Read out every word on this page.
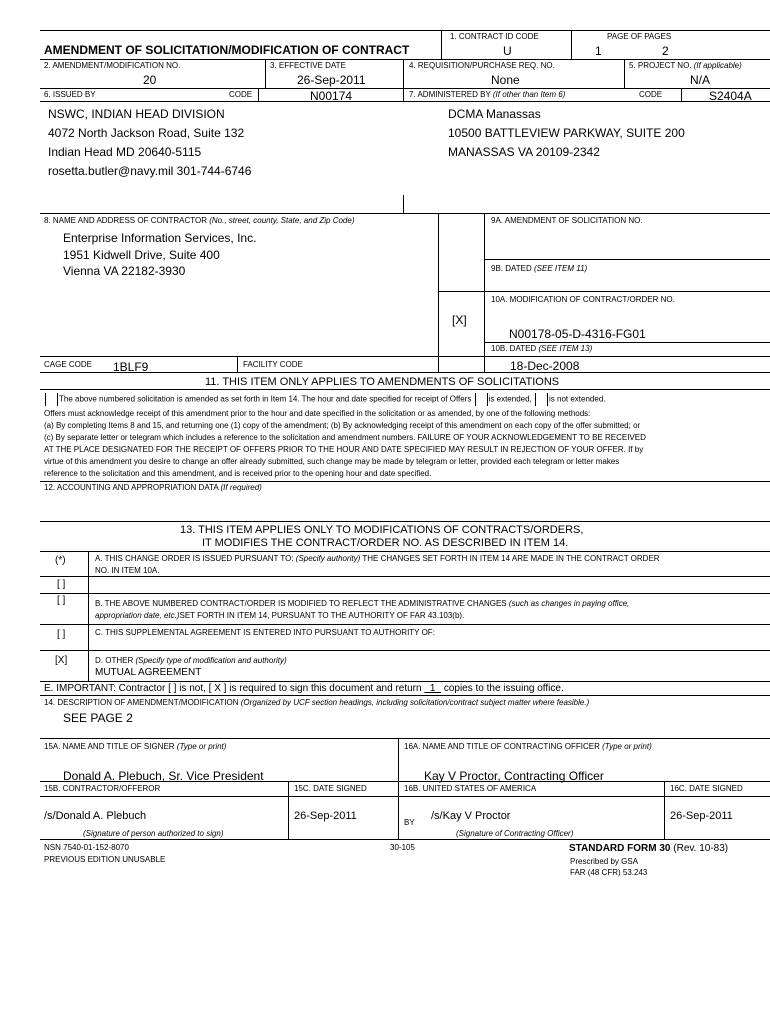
1. CONTRACT ID CODE
U
PAGE OF PAGES
1	2
AMENDMENT OF SOLICITATION/MODIFICATION OF CONTRACT
2. AMENDMENT/MODIFICATION NO.
20
3. EFFECTIVE DATE
26-Sep-2011
4. REQUISITION/PURCHASE REQ. NO.
None
5. PROJECT NO. (If applicable)
N/A
6. ISSUED BY	CODE	N00174	7. ADMINISTERED BY (If other than Item 6)	CODE	S2404A
NSWC, INDIAN HEAD DIVISION
4072 North Jackson Road, Suite 132
Indian Head MD 20640-5115
rosetta.butler@navy.mil 301-744-6746
DCMA Manassas
10500 BATTLEVIEW PARKWAY, SUITE 200
MANASSAS VA 20109-2342
8. NAME AND ADDRESS OF CONTRACTOR (No., street, county, State, and Zip Code)
Enterprise Information Services, Inc.
1951 Kidwell Drive, Suite 400
Vienna VA 22182-3930
CAGE CODE 1BLF9	FACILITY CODE
9A. AMENDMENT OF SOLICITATION NO.
9B. DATED (SEE ITEM 11)
10A. MODIFICATION OF CONTRACT/ORDER NO.
[X]
N00178-05-D-4316-FG01
10B. DATED (SEE ITEM 13)
18-Dec-2008
11. THIS ITEM ONLY APPLIES TO AMENDMENTS OF SOLICITATIONS
The above numbered solicitation is amended as set forth in Item 14. The hour and date specified for receipt of Offers is extended, is not extended.
Offers must acknowledge receipt of this amendment prior to the hour and date specified in the solicitation or as amended, by one of the following methods:
(a) By completing Items 8 and 15, and returning one (1) copy of the amendment; (b) By acknowledging receipt of this amendment on each copy of the offer submitted; or
(c) By separate letter or telegram which includes a reference to the solicitation and amendment numbers. FAILURE OF YOUR ACKNOWLEDGEMENT TO BE RECEIVED
AT THE PLACE DESIGNATED FOR THE RECEIPT OF OFFERS PRIOR TO THE HOUR AND DATE SPECIFIED MAY RESULT IN REJECTION OF YOUR OFFER. If by
virtue of this amendment you desire to change an offer already submitted, such change may be made by telegram or letter, provided each telegram or letter makes
reference to the solicitation and this amendment, and is received prior to the opening hour and date specified.
12. ACCOUNTING AND APPROPRIATION DATA (If required)
13. THIS ITEM APPLIES ONLY TO MODIFICATIONS OF CONTRACTS/ORDERS,
IT MODIFIES THE CONTRACT/ORDER NO. AS DESCRIBED IN ITEM 14.
(*)	A. THIS CHANGE ORDER IS ISSUED PURSUANT TO: (Specify authority) THE CHANGES SET FORTH IN ITEM 14 ARE MADE IN THE CONTRACT ORDER
NO. IN ITEM 10A.
[ ]
[ ]	B. THE ABOVE NUMBERED CONTRACT/ORDER IS MODIFIED TO REFLECT THE ADMINISTRATIVE CHANGES (such as changes in paying office,
appropriation date, etc.)SET FORTH IN ITEM 14, PURSUANT TO THE AUTHORITY OF FAR 43.103(b).
[ ]	C. THIS SUPPLEMENTAL AGREEMENT IS ENTERED INTO PURSUANT TO AUTHORITY OF:
[X]	D. OTHER (Specify type of modification and authority)
MUTUAL AGREEMENT
E. IMPORTANT: Contractor [ ] is not, [ X ] is required to sign this document and return 1 copies to the issuing office.
14. DESCRIPTION OF AMENDMENT/MODIFICATION (Organized by UCF section headings, including solicitation/contract subject matter where feasible.)
SEE PAGE 2
15A. NAME AND TITLE OF SIGNER (Type or print)
Donald A. Plebuch, Sr. Vice President
16A. NAME AND TITLE OF CONTRACTING OFFICER (Type or print)
Kay V Proctor, Contracting Officer
15B. CONTRACTOR/OFFEROR	15C. DATE SIGNED	16B. UNITED STATES OF AMERICA	16C. DATE SIGNED
/s/Donald A. Plebuch	26-Sep-2011
BY
/s/Kay V Proctor	26-Sep-2011
(Signature of person authorized to sign)	(Signature of Contracting Officer)
NSN 7540-01-152-8070
PREVIOUS EDITION UNUSABLE
30-105	STANDARD FORM 30 (Rev. 10-83)
Prescribed by GSA
FAR (48 CFR) 53.243
